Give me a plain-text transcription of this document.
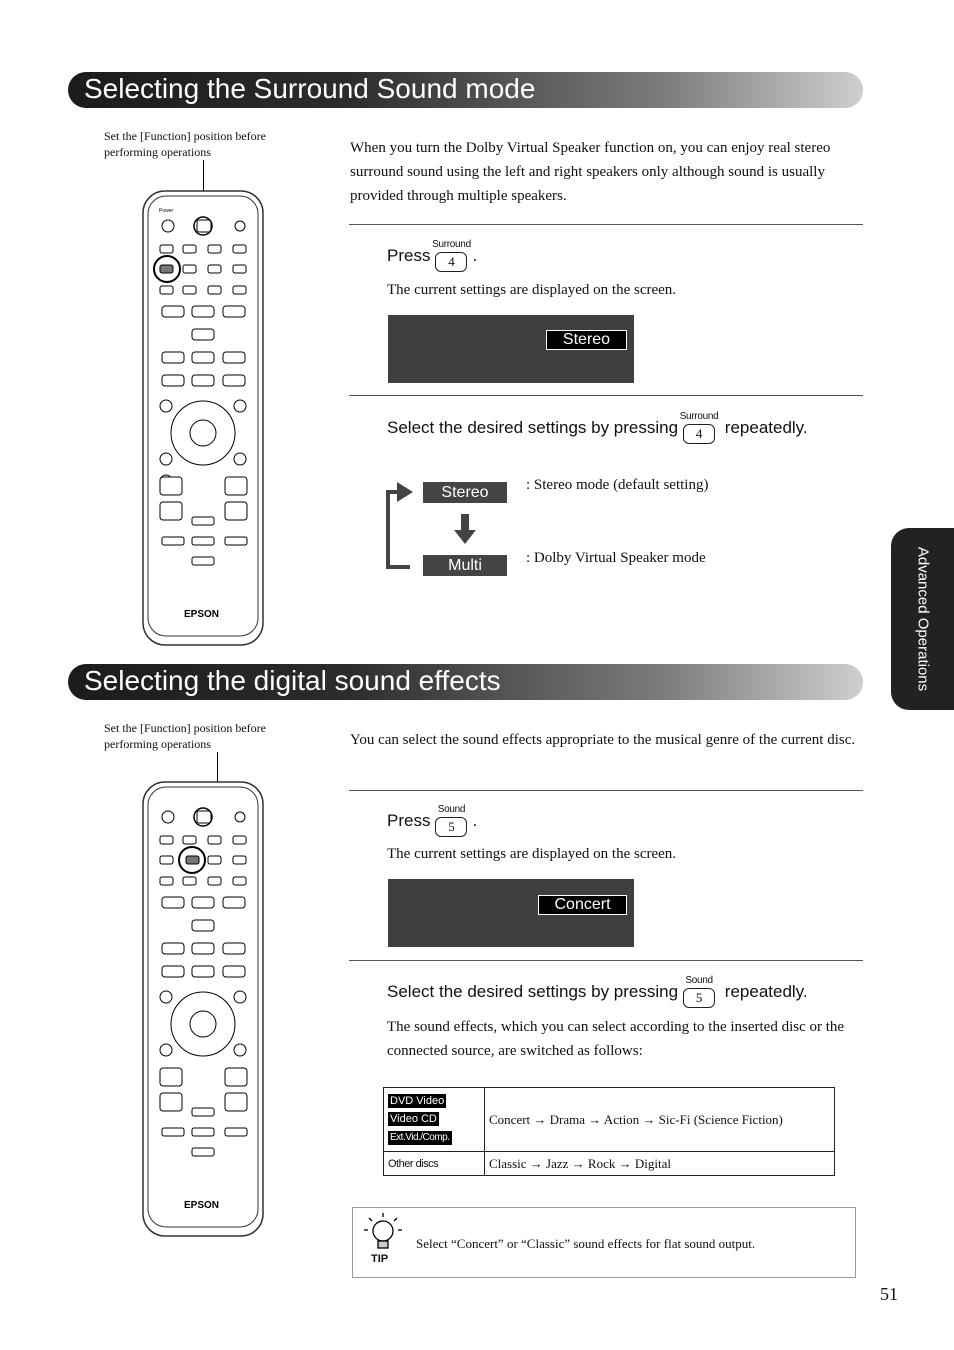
Advanced Operations
51
Selecting the Surround Sound mode
Set the [Function] position before performing operations
Power
EPSON
When you turn the Dolby Virtual Speaker function on, you can enjoy real stereo surround sound using the left and right speakers only although sound is usually provided through multiple speakers.
Press
Surround
4 .
The current settings are displayed on the screen.
Stereo
Select the desired settings by pressing
Surround
4 repeatedly.
Stereo
Multi
: Stereo mode (default setting)
: Dolby Virtual Speaker mode
Selecting the digital sound effects
Set the [Function] position before performing operations
EPSON
You can select the sound effects appropriate to the musical genre of the current disc.
Press
Sound
5 .
The current settings are displayed on the screen.
Concert
Select the desired settings by pressing
Sound
5 repeatedly.
The sound effects, which you can select according to the inserted disc or the connected source, are switched as follows:
DVD Video
Video CD
Ext.Vid./Comp.	Concert → Drama → Action → Sic-Fi (Science Fiction)
Other discs	Classic → Jazz → Rock → Digital
TIP
Select “Concert” or “Classic” sound effects for flat sound output.
